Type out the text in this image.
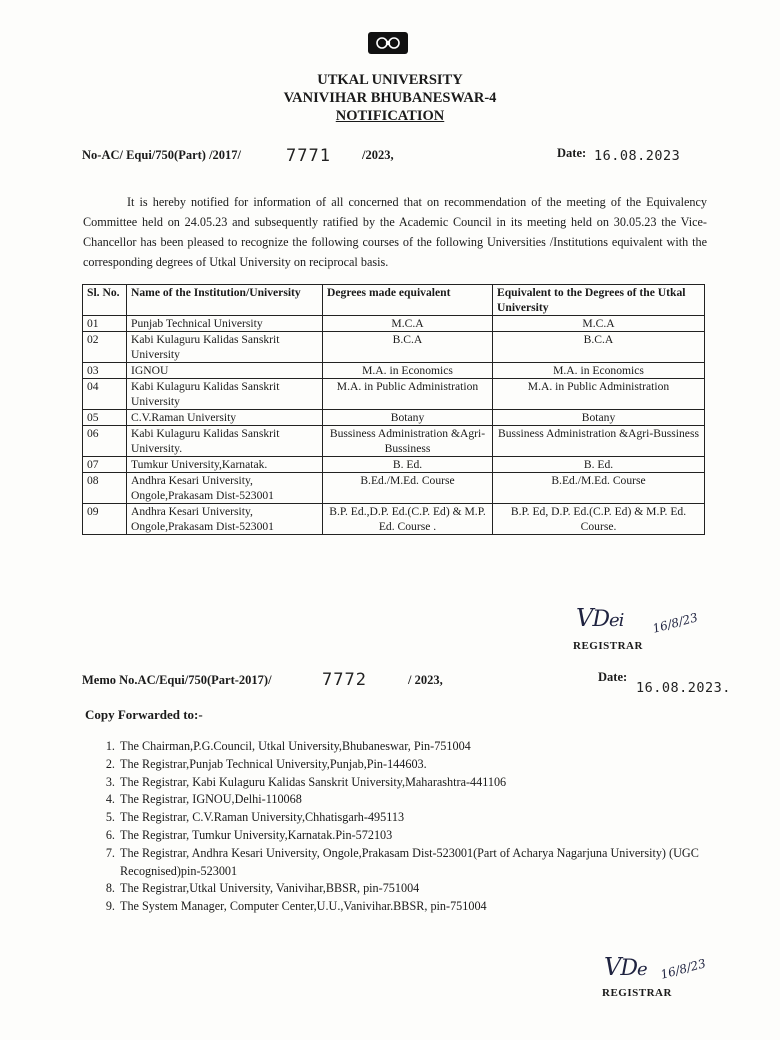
UTKAL UNIVERSITY
VANIVIHAR BHUBANESWAR-4
NOTIFICATION
No-AC/ Equi/750(Part) /2017/	7771 /2023,	Date: 16.08.2023
It is hereby notified for information of all concerned that on recommendation of the meeting of the Equivalency Committee held on 24.05.23 and subsequently ratified by the Academic Council in its meeting held on 30.05.23 the Vice-Chancellor has been pleased to recognize the following courses of the following Universities /Institutions equivalent with the corresponding degrees of Utkal University on reciprocal basis.
Sl. No.	Name of the Institution/University	Degrees made equivalent	Equivalent to the Degrees of the Utkal University
01	Punjab Technical University	M.C.A	M.C.A
02	Kabi Kulaguru Kalidas Sanskrit University	B.C.A	B.C.A
03	IGNOU	M.A. in Economics	M.A. in Economics
04	Kabi Kulaguru Kalidas Sanskrit University	M.A. in Public Administration	M.A. in Public Administration
05	C.V.Raman University	Botany	Botany
06	Kabi Kulaguru Kalidas Sanskrit University.	Bussiness Administration &Agri-Bussiness	Bussiness Administration &Agri-Bussiness
07	Tumkur University,Karnatak.	B. Ed.	B. Ed.
08	Andhra Kesari University, Ongole,Prakasam Dist-523001	B.Ed./M.Ed. Course	B.Ed./M.Ed. Course
09	Andhra Kesari University, Ongole,Prakasam Dist-523001	B.P. Ed.,D.P. Ed.(C.P. Ed) & M.P. Ed. Course .	B.P. Ed, D.P. Ed.(C.P. Ed) & M.P. Ed. Course.
VDei 16/8/23
REGISTRAR
Memo No.AC/Equi/750(Part-2017)/	7772	/ 2023,	Date:
16.08.2023.
Copy Forwarded to:-
1. The Chairman,P.G.Council, Utkal University,Bhubaneswar, Pin-751004
2. The Registrar,Punjab Technical University,Punjab,Pin-144603.
3. The Registrar, Kabi Kulaguru Kalidas Sanskrit University,Maharashtra-441106
4. The Registrar, IGNOU,Delhi-110068
5. The Registrar, C.V.Raman University,Chhatisgarh-495113
6. The Registrar, Tumkur University,Karnatak.Pin-572103
7. The Registrar, Andhra Kesari University, Ongole,Prakasam Dist-523001(Part of Acharya Nagarjuna University) (UGC Recognised)pin-523001
8. The Registrar,Utkal University, Vanivihar,BBSR, pin-751004
9. The System Manager, Computer Center,U.U.,Vanivihar.BBSR, pin-751004
VDe 16/8/23
REGISTRAR
